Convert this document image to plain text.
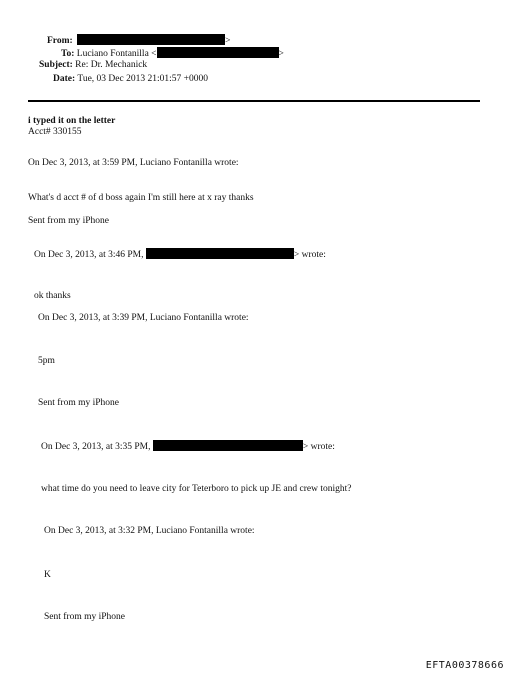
From:	>
To: Luciano Fontanilla <	>
Subject: Re: Dr. Mechanick
Date: Tue, 03 Dec 2013 21:01:57 +0000
i typed it on the letter
Acct# 330155
On Dec 3, 2013, at 3:59 PM, Luciano Fontanilla wrote:
What's d acct # of d boss again I'm still here at x ray thanks
Sent from my iPhone
On Dec 3, 2013, at 3:46 PM,	> wrote:
ok thanks
On Dec 3, 2013, at 3:39 PM, Luciano Fontanilla wrote:
5pm
Sent from my iPhone
On Dec 3, 2013, at 3:35 PM,	> wrote:
what time do you need to leave city for Teterboro to pick up JE and crew tonight?
On Dec 3, 2013, at 3:32 PM, Luciano Fontanilla wrote:
K
Sent from my iPhone
EFTA00378666
